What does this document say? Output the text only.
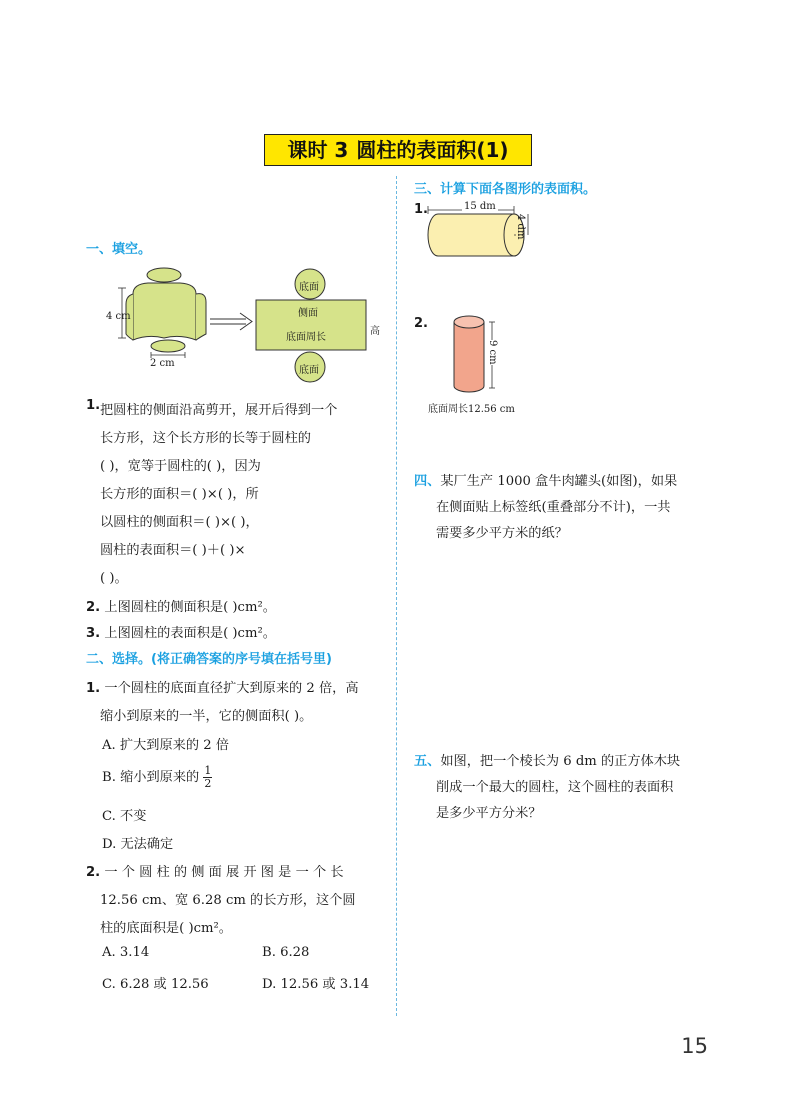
课时 3 圆柱的表面积(1)
一、填空。
4 cm
2 cm
底面
底面
侧面
底面周长
高
1. 把圆柱的侧面沿高剪开，展开后得到一个
长方形，这个长方形的长等于圆柱的
( )，宽等于圆柱的( )，因为
长方形的面积＝( )×( )，所
以圆柱的侧面积＝( )×( )，
圆柱的表面积＝( )＋( )×
( )。
2. 上图圆柱的侧面积是( )cm²。
3. 上图圆柱的表面积是( )cm²。
二、选择。(将正确答案的序号填在括号里)
1. 一个圆柱的底面直径扩大到原来的 2 倍，高
缩小到原来的一半，它的侧面积( )。
A. 扩大到原来的 2 倍
B. 缩小到原来的 $\frac{1}{2}$
C. 不变
D. 无法确定
2. 一 个 圆 柱 的 侧 面 展 开 图 是 一 个 长
12.56 cm、宽 6.28 cm 的长方形，这个圆
柱的底面积是( )cm²。
A. 3.14	B. 6.28
C. 6.28 或 12.56	D. 12.56 或 3.14
三、计算下面各图形的表面积。
1.	15 dm
4 dm
2.
9 cm
底面周长12.56 cm
四、某厂生产 1000 盒牛肉罐头(如图)，如果
在侧面贴上标签纸(重叠部分不计)，一共
需要多少平方米的纸？
五、如图，把一个棱长为 6 dm 的正方体木块
削成一个最大的圆柱，这个圆柱的表面积
是多少平方分米？
15
